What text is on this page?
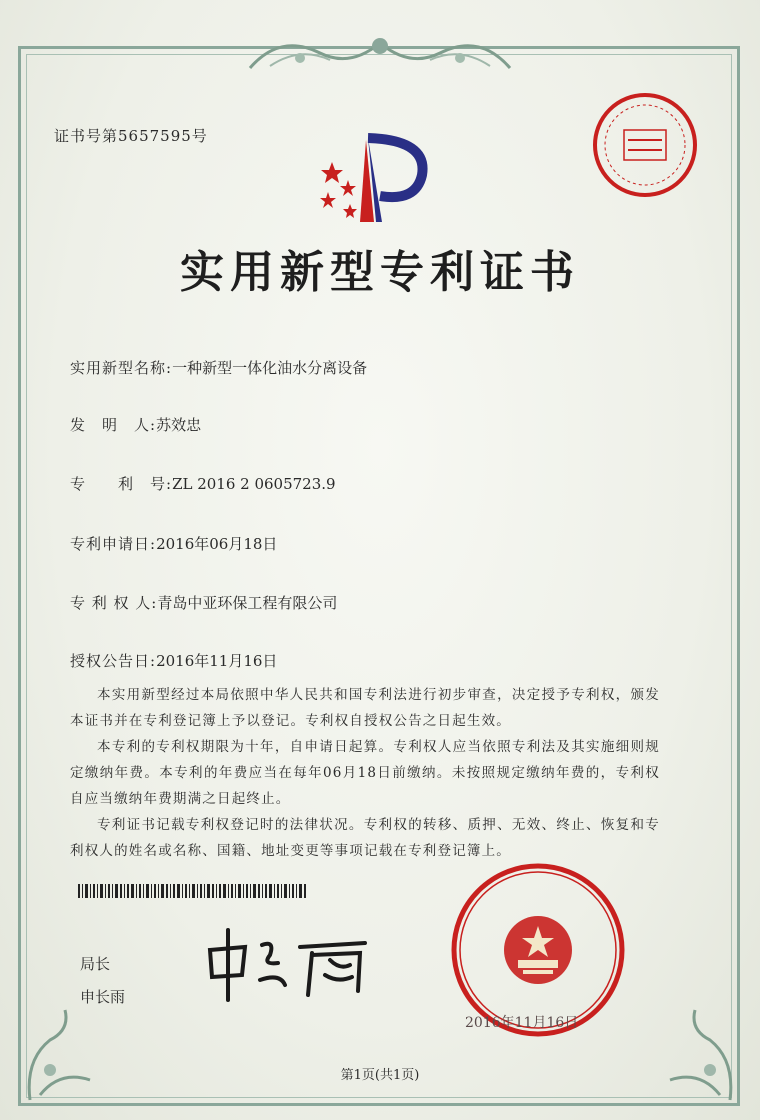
证书号第5657595号
实用新型专利证书
实用新型名称:一种新型一体化油水分离设备
发　明　人:苏效忠
专　　利　号:ZL 2016 2 0605723.9
专利申请日:2016年06月18日
专 利 权 人:青岛中亚环保工程有限公司
授权公告日:2016年11月16日
本实用新型经过本局依照中华人民共和国专利法进行初步审查，决定授予专利权，颁发本证书并在专利登记簿上予以登记。专利权自授权公告之日起生效。
本专利的专利权期限为十年，自申请日起算。专利权人应当依照专利法及其实施细则规定缴纳年费。本专利的年费应当在每年06月18日前缴纳。未按照规定缴纳年费的，专利权自应当缴纳年费期满之日起终止。
专利证书记载专利权登记时的法律状况。专利权的转移、质押、无效、终止、恢复和专利权人的姓名或名称、国籍、地址变更等事项记载在专利登记簿上。
局长
申长雨
2016年11月16日
第1页(共1页)
